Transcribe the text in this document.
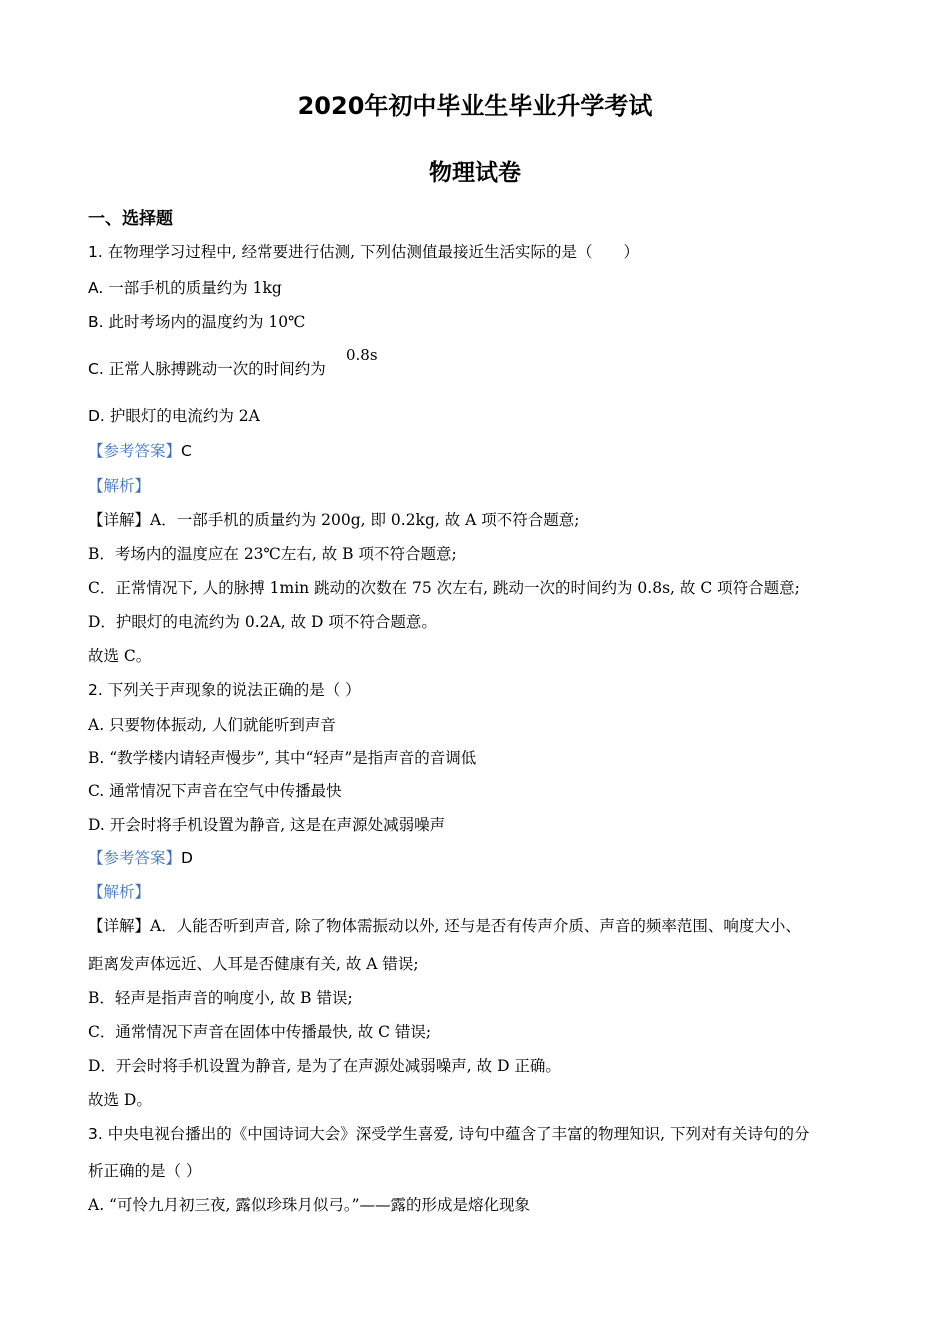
2020年初中毕业生毕业升学考试
物理试卷
一、选择题
1. 在物理学习过程中, 经常要进行估测, 下列估测值最接近生活实际的是（　　）
A. 一部手机的质量约为 1kg
B. 此时考场内的温度约为 10℃
C. 正常人脉搏跳动一次的时间约为
0.8s
D. 护眼灯的电流约为 2A
【参考答案】C
【解析】
【详解】A．一部手机的质量约为 200g, 即 0.2kg, 故 A 项不符合题意;
B．考场内的温度应在 23℃左右, 故 B 项不符合题意;
C．正常情况下, 人的脉搏 1min 跳动的次数在 75 次左右, 跳动一次的时间约为 0.8s, 故 C 项符合题意;
D．护眼灯的电流约为 0.2A, 故 D 项不符合题意。
故选 C。
2. 下列关于声现象的说法正确的是（ ）
A. 只要物体振动, 人们就能听到声音
B. “教学楼内请轻声慢步”, 其中“轻声”是指声音的音调低
C. 通常情况下声音在空气中传播最快
D. 开会时将手机设置为静音, 这是在声源处减弱噪声
【参考答案】D
【解析】
【详解】A．人能否听到声音, 除了物体需振动以外, 还与是否有传声介质、声音的频率范围、响度大小、
距离发声体远近、人耳是否健康有关, 故 A 错误;
B．轻声是指声音的响度小, 故 B 错误;
C．通常情况下声音在固体中传播最快, 故 C 错误;
D．开会时将手机设置为静音, 是为了在声源处减弱噪声, 故 D 正确。
故选 D。
3. 中央电视台播出的《中国诗词大会》深受学生喜爱, 诗句中蕴含了丰富的物理知识, 下列对有关诗句的分
析正确的是（ ）
A. “可怜九月初三夜, 露似珍珠月似弓。”——露的形成是熔化现象
